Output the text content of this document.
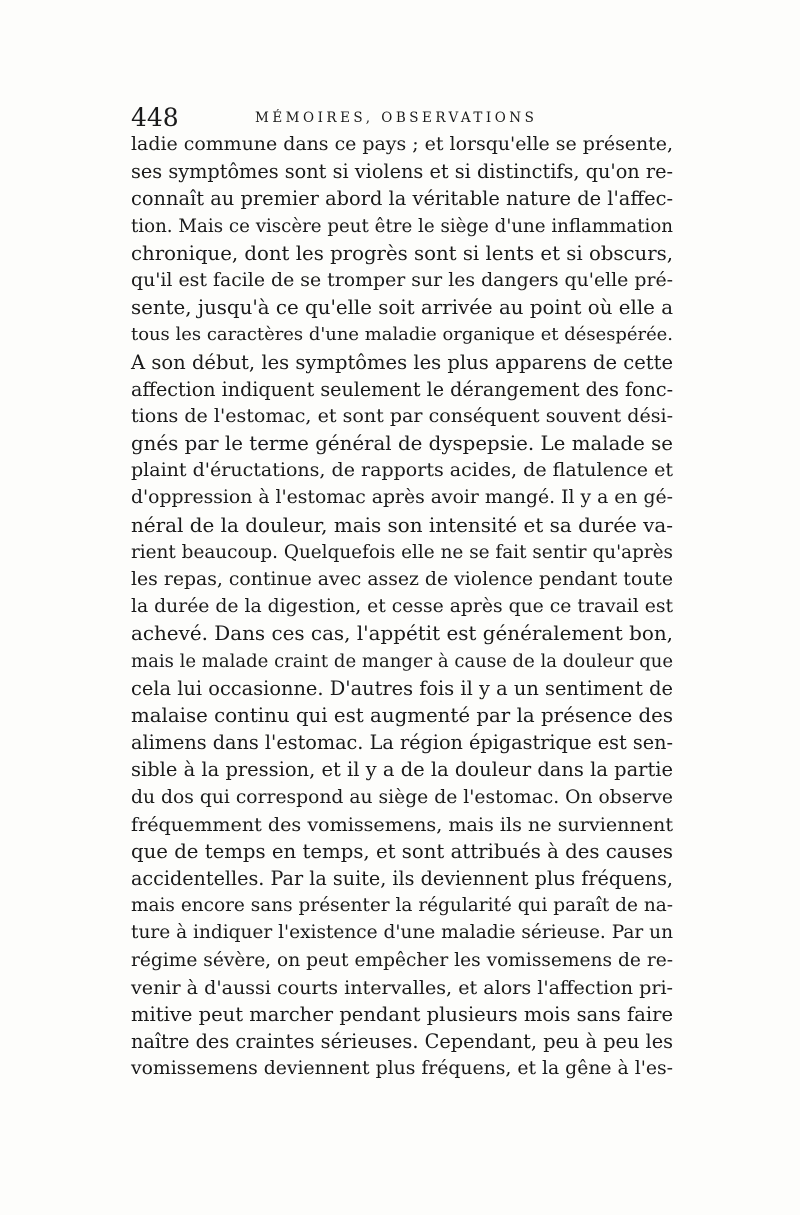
448	MÉMOIRES, OBSERVATIONS
ladie commune dans ce pays ; et lorsqu'elle se présente,
ses symptômes sont si violens et si distinctifs, qu'on re-
connaît au premier abord la véritable nature de l'affec-
tion. Mais ce viscère peut être le siège d'une inflammation
chronique, dont les progrès sont si lents et si obscurs,
qu'il est facile de se tromper sur les dangers qu'elle pré-
sente, jusqu'à ce qu'elle soit arrivée au point où elle a
tous les caractères d'une maladie organique et désespérée.
A son début, les symptômes les plus apparens de cette
affection indiquent seulement le dérangement des fonc-
tions de l'estomac, et sont par conséquent souvent dési-
gnés par le terme général de dyspepsie. Le malade se
plaint d'éructations, de rapports acides, de flatulence et
d'oppression à l'estomac après avoir mangé. Il y a en gé-
néral de la douleur, mais son intensité et sa durée va-
rient beaucoup. Quelquefois elle ne se fait sentir qu'après
les repas, continue avec assez de violence pendant toute
la durée de la digestion, et cesse après que ce travail est
achevé. Dans ces cas, l'appétit est généralement bon,
mais le malade craint de manger à cause de la douleur que
cela lui occasionne. D'autres fois il y a un sentiment de
malaise continu qui est augmenté par la présence des
alimens dans l'estomac. La région épigastrique est sen-
sible à la pression, et il y a de la douleur dans la partie
du dos qui correspond au siège de l'estomac. On observe
fréquemment des vomissemens, mais ils ne surviennent
que de temps en temps, et sont attribués à des causes
accidentelles. Par la suite, ils deviennent plus fréquens,
mais encore sans présenter la régularité qui paraît de na-
ture à indiquer l'existence d'une maladie sérieuse. Par un
régime sévère, on peut empêcher les vomissemens de re-
venir à d'aussi courts intervalles, et alors l'affection pri-
mitive peut marcher pendant plusieurs mois sans faire
naître des craintes sérieuses. Cependant, peu à peu les
vomissemens deviennent plus fréquens, et la gêne à l'es-
